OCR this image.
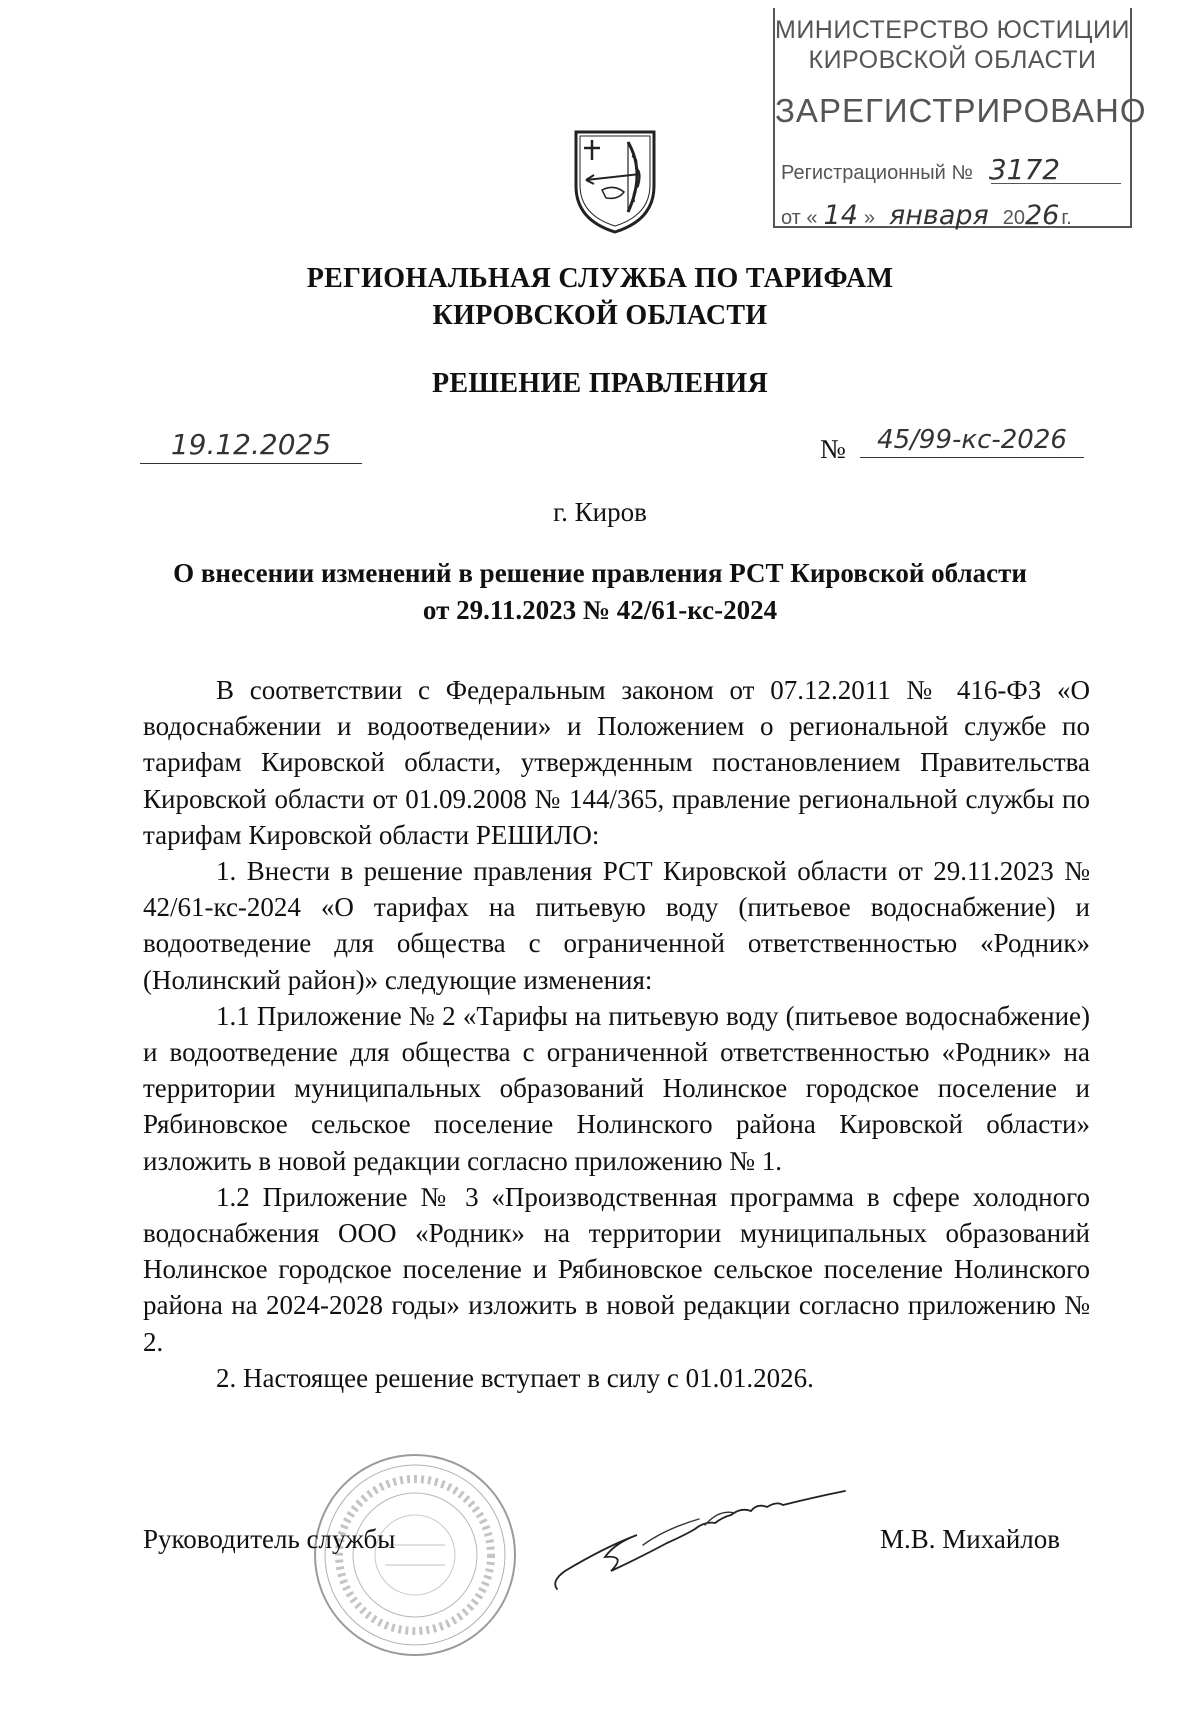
МИНИСТЕРСТВО ЮСТИЦИИ
КИРОВСКОЙ ОБЛАСТИ
ЗАРЕГИСТРИРОВАНО
Регистрационный № 3172
от « 14 » января 2026 г.
РЕГИОНАЛЬНАЯ СЛУЖБА ПО ТАРИФАМ
КИРОВСКОЙ ОБЛАСТИ
РЕШЕНИЕ ПРАВЛЕНИЯ
19.12.2025	№	45/99-кс-2026
г. Киров
О внесении изменений в решение правления РСТ Кировской области
от 29.11.2023 № 42/61-кс-2024

В соответствии с Федеральным законом от 07.12.2011 № 416-ФЗ «О водоснабжении и водоотведении» и Положением о региональной службе по тарифам Кировской области, утвержденным постановлением Правительства Кировской области от 01.09.2008 № 144/365, правление региональной службы по тарифам Кировской области РЕШИЛО:

1. Внести в решение правления РСТ Кировской области от 29.11.2023 № 42/61-кс-2024 «О тарифах на питьевую воду (питьевое водоснабжение) и водоотведение для общества с ограниченной ответственностью «Родник» (Нолинский район)» следующие изменения:

1.1 Приложение № 2 «Тарифы на питьевую воду (питьевое водоснабжение) и водоотведение для общества с ограниченной ответственностью «Родник» на территории муниципальных образований Нолинское городское поселение и Рябиновское сельское поселение Нолинского района Кировской области» изложить в новой редакции согласно приложению № 1.

1.2 Приложение № 3 «Производственная программа в сфере холодного водоснабжения ООО «Родник» на территории муниципальных образований Нолинское городское поселение и Рябиновское сельское поселение Нолинского района на 2024-2028 годы» изложить в новой редакции согласно приложению № 2.

2. Настоящее решение вступает в силу с 01.01.2026.

Руководитель службы	М.В. Михайлов
